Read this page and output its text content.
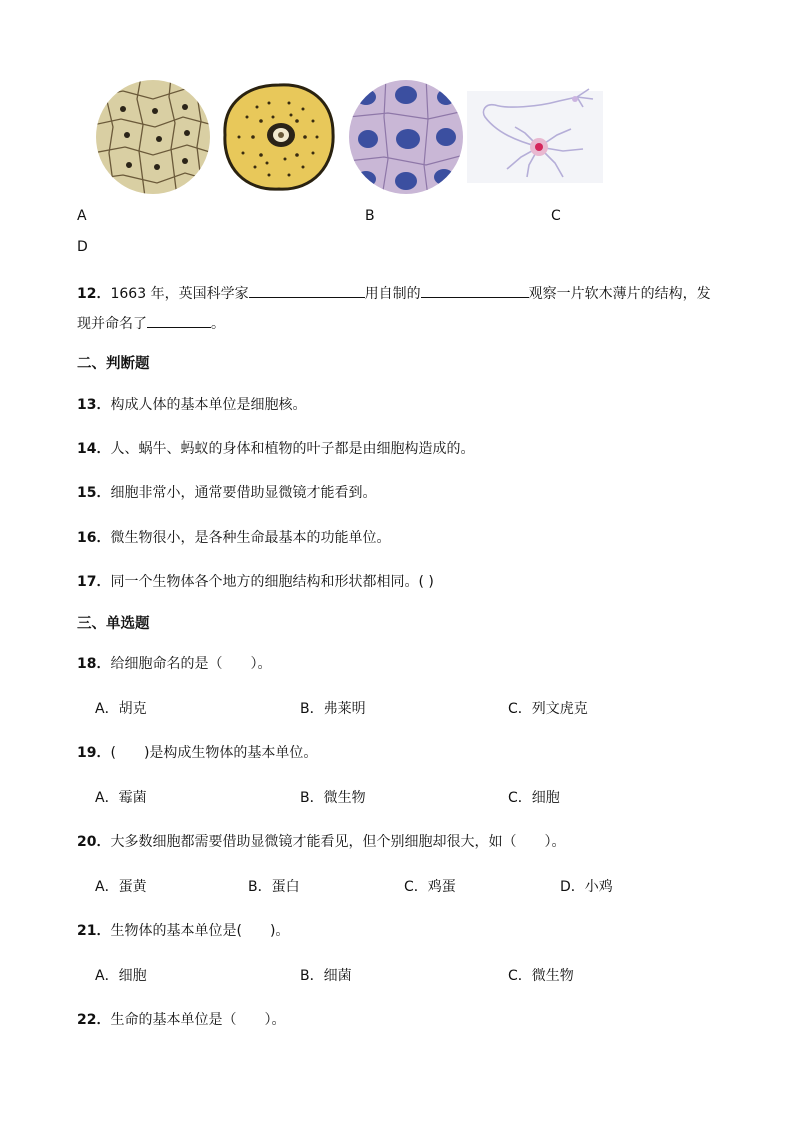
A	B	C
D
12．1663 年，英国科学家	用自制的	观察一片软木薄片的结构，发
现并命名了	。
二、判断题
13．构成人体的基本单位是细胞核。
14．人、蜗牛、蚂蚁的身体和植物的叶子都是由细胞构造成的。
15．细胞非常小，通常要借助显微镜才能看到。
16．微生物很小，是各种生命最基本的功能单位。
17．同一个生物体各个地方的细胞结构和形状都相同。( )
三、单选题
18．给细胞命名的是（　　）。
A．胡克	B．弗莱明	C．列文虎克
19．(　　)是构成生物体的基本单位。
A．霉菌	B．微生物	C．细胞
20．大多数细胞都需要借助显微镜才能看见，但个别细胞却很大，如（　　）。
A．蛋黄	B．蛋白	C．鸡蛋	D．小鸡
21．生物体的基本单位是(　　)。
A．细胞	B．细菌	C．微生物
22．生命的基本单位是（　　）。
